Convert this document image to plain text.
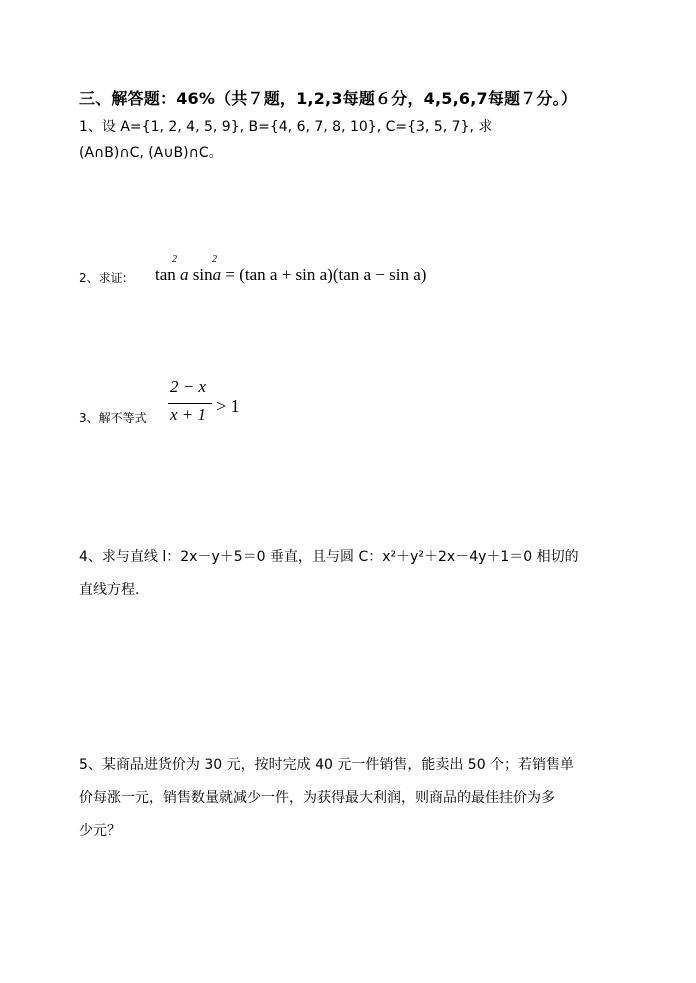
三、解答题：46%（共７题，1,2,3每题６分，4,5,6,7每题７分。）
1、设 A={1, 2, 4, 5, 9}, B={4, 6, 7, 8, 10}, C={3, 5, 7}, 求
(A∩B)∩C, (A∪B)∩C。
2、求证:
2	2
tan a sina = (tan a + sin a)(tan a − sin a)
3、解不等式
2 − x
x + 1 > 1
4、求与直线 l：2x－y＋5＝0 垂直，且与圆 C：x²＋y²＋2x－4y＋1＝0 相切的
直线方程.
5、某商品进货价为 30 元，按时完成 40 元一件销售，能卖出 50 个；若销售单
价每涨一元，销售数量就减少一件，为获得最大利润，则商品的最佳挂价为多
少元？
